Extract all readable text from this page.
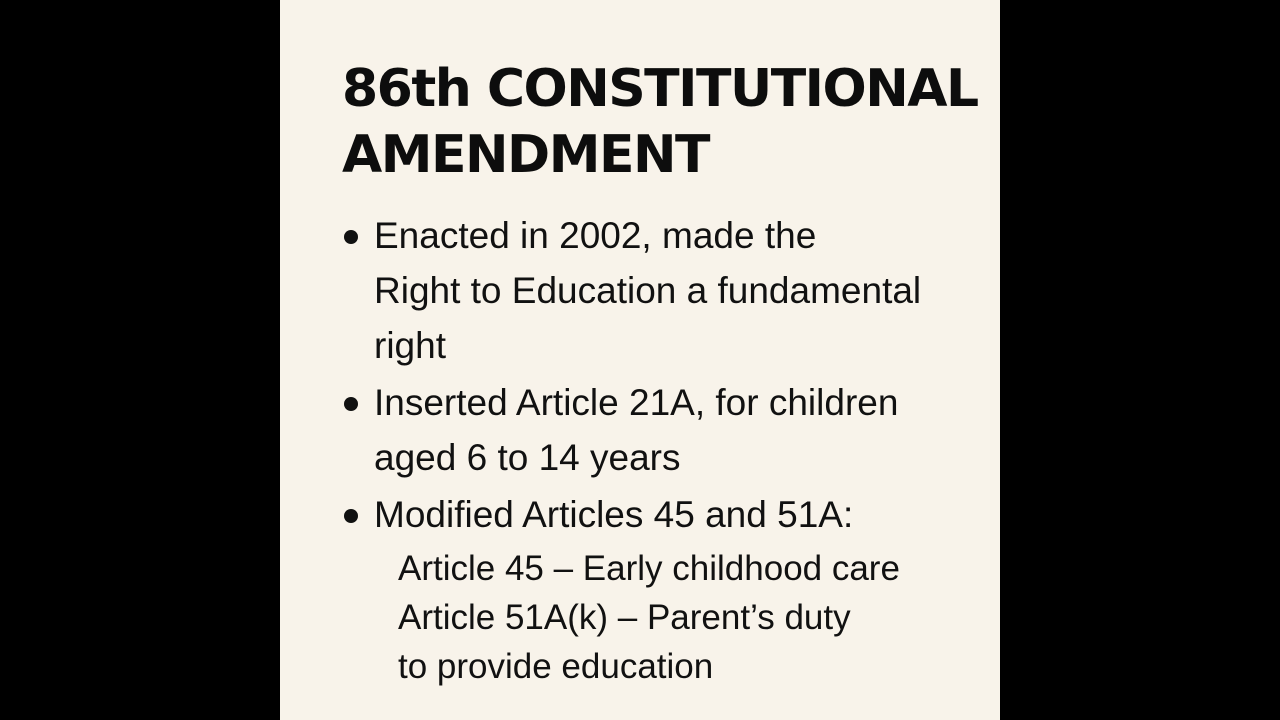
86th CONSTITUTIONAL
AMENDMENT
Enacted in 2002, made the
Right to Education a fundamental
right
Inserted Article 21A, for children
aged 6 to 14 years
Modified Articles 45 and 51A:
Article 45 – Early childhood care
Article 51A(k) – Parent’s duty
to provide education
